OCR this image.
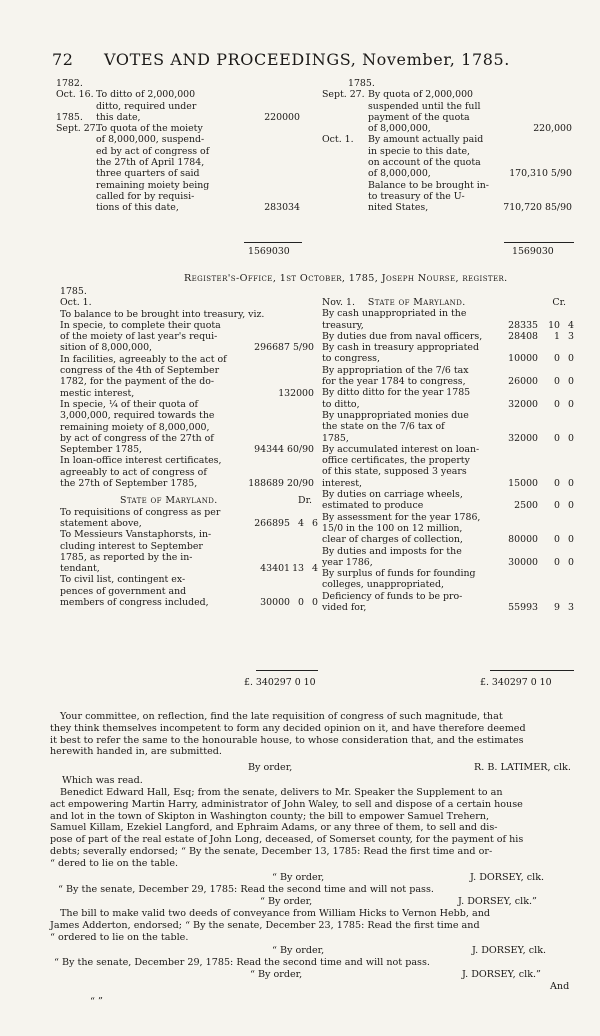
72 VOTES AND PROCEEDINGS, November, 1785.
1782.
Oct. 16. To ditto of 2,000,000
ditto, required under
1785. this date,	220000
Sept. 27.
To quota of the moiety
of 8,000,000, suspend-
ed by act of congress of
the 27th of April 1784,
three quarters of said
remaining moiety being
called for by requisi-
tions of this date,	283034
1785.
Sept. 27. By quota of 2,000,000
suspended until the full
payment of the quota
of 8,000,000,	220,000
Oct. 1. By amount actually paid
in specie to this date,
on account of the quota
of 8,000,000,	170,310 5/90
Balance to be brought in-
to treasury of the U-
nited States,	710,720 85/90
1569030	1569030
Register's-Office, 1st October, 1785, Joseph Nourse, register.
1785.
Oct. 1.
To balance to be brought into treasury, viz.
In specie, to complete their quota
of the moiety of last year's requi-
sition of 8,000,000,	296687 5/90
In facilities, agreeably to the act of
congress of the 4th of September
1782, for the payment of the do-
mestic interest,	132000
In specie, ¼ of their quota of
3,000,000, required towards the
remaining moiety of 8,000,000,
by act of congress of the 27th of
September 1785,	94344 60/90
In loan-office interest certificates,
agreeably to act of congress of
the 27th of September 1785,	188689 20/90
State of Maryland.	Dr.
To requisitions of congress as per
statement above,	266895 4 6
To Messieurs Vanstaphorsts, in-
cluding interest to September
1785, as reported by the in-
tendant,	43401 13 4
To civil list, contingent ex-
pences of government and
members of congress included,	30000 0 0
Nov. 1. State of Maryland.	Cr.
By cash unappropriated in the
treasury,	28335 10 4
By duties due from naval officers,	28408 1 3
By cash in treasury appropriated
to congress,	10000 0 0
By appropriation of the 7/6 tax
for the year 1784 to congress,	26000 0 0
By ditto ditto for the year 1785
to ditto,	32000 0 0
By unappropriated monies due
the state on the 7/6 tax of
1785,	32000 0 0
By accumulated interest on loan-
office certificates, the property
of this state, supposed 3 years
interest,	15000 0 0
By duties on carriage wheels,
estimated to produce	2500 0 0
By assessment for the year 1786,
15/0 in the 100 on 12 million,
clear of charges of collection,	80000 0 0
By duties and imposts for the
year 1786,	30000 0 0
By surplus of funds for founding
colleges, unappropriated,
Deficiency of funds to be pro-
vided for,	55993 9 3
£. 340297 0 10	£. 340297 0 10
Your committee, on reflection, find the late requisition of congress of such magnitude, that
they think themselves incompetent to form any decided opinion on it, and have therefore deemed
it best to refer the same to the honourable house, to whose consideration that, and the estimates
herewith handed in, are submitted.
By order,	R. B. LATIMER, clk.
Which was read.
Benedict Edward Hall, Esq; from the senate, delivers to Mr. Speaker the Supplement to an
act empowering Martin Harry, administrator of John Waley, to sell and dispose of a certain house
and lot in the town of Skipton in Washington county; the bill to empower Samuel Trehern,
Samuel Killam, Ezekiel Langford, and Ephraim Adams, or any three of them, to sell and dis-
pose of part of the real estate of John Long, deceased, of Somerset county, for the payment of his
debts; severally endorsed; “ By the senate, December 13, 1785: Read the first time and or-
“ dered to lie on the table.
“ By order,	J. DORSEY, clk.
“ By the senate, December 29, 1785: Read the second time and will not pass.
“ By order,	J. DORSEY, clk.”
The bill to make valid two deeds of conveyance from William Hicks to Vernon Hebb, and
James Adderton, endorsed; “ By the senate, December 23, 1785: Read the first time and
“ ordered to lie on the table.
“ By order,	J. DORSEY, clk.
“ By the senate, December 29, 1785: Read the second time and will not pass.
“ By order,	J. DORSEY, clk.”
And
“ ”
